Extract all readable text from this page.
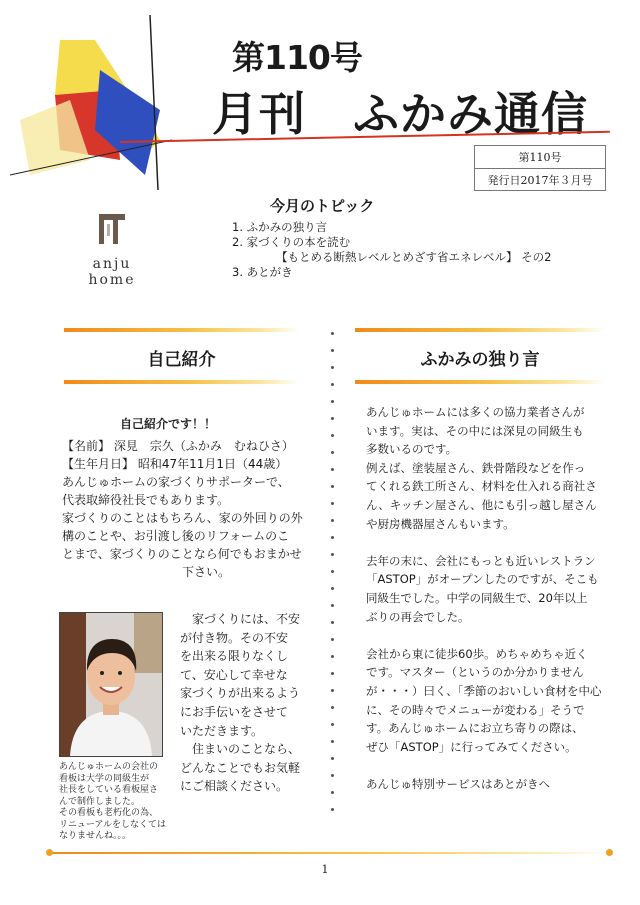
第110号
月刊　ふかみ通信
第110号
発行日2017年３月号
anju
home
今月のトピック
1. ふかみの独り言
2. 家づくりの本を読む
【もとめる断熱レベルとめざす省エネレベル】 その2
3. あとがき
自己紹介	ふかみの独り言
自己紹介です！！
【名前】 深見　宗久（ふかみ　むねひさ）
【生年月日】 昭和47年11月1日（44歳）
あんじゅホームの家づくりサポーターで、
代表取締役社長でもあります。
家づくりのことはもちろん、家の外回りの外
構のことや、お引渡し後のリフォームのこ
とまで、家づくりのことなら何でもおまかせ
下さい。
あんじゅホームの会社の
看板は大学の同級生が
社長をしている看板屋さ
んで制作しました。
その看板も老朽化の為、
リニューアルをしなくては
なりませんね。。。
　家づくりには、不安
が付き物。その不安
を出来る限りなくし
て、安心して幸せな
家づくりが出来るよう
にお手伝いをさせて
いただきます。
　住まいのことなら、
どんなことでもお気軽
にご相談ください。
あんじゅホームには多くの協力業者さんが
います。実は、その中には深見の同級生も
多数いるのです。
例えば、塗装屋さん、鉄骨階段などを作っ
てくれる鉄工所さん、材料を仕入れる商社さ
ん、キッチン屋さん、他にも引っ越し屋さん
や厨房機器屋さんもいます。

去年の末に、会社にもっとも近いレストラン
「ASTOP」がオープンしたのですが、そこも
同級生でした。中学の同級生で、20年以上
ぶりの再会でした。

会社から東に徒歩60歩。めちゃめちゃ近く
です。マスター（というのか分かりません
が・・・）曰く、「季節のおいしい食材を中心
に、その時々でメニューが変わる」そうで
す。あんじゅホームにお立ち寄りの際は、
ぜひ「ASTOP」に行ってみてください。

あんじゅ特別サービスはあとがきへ
1
